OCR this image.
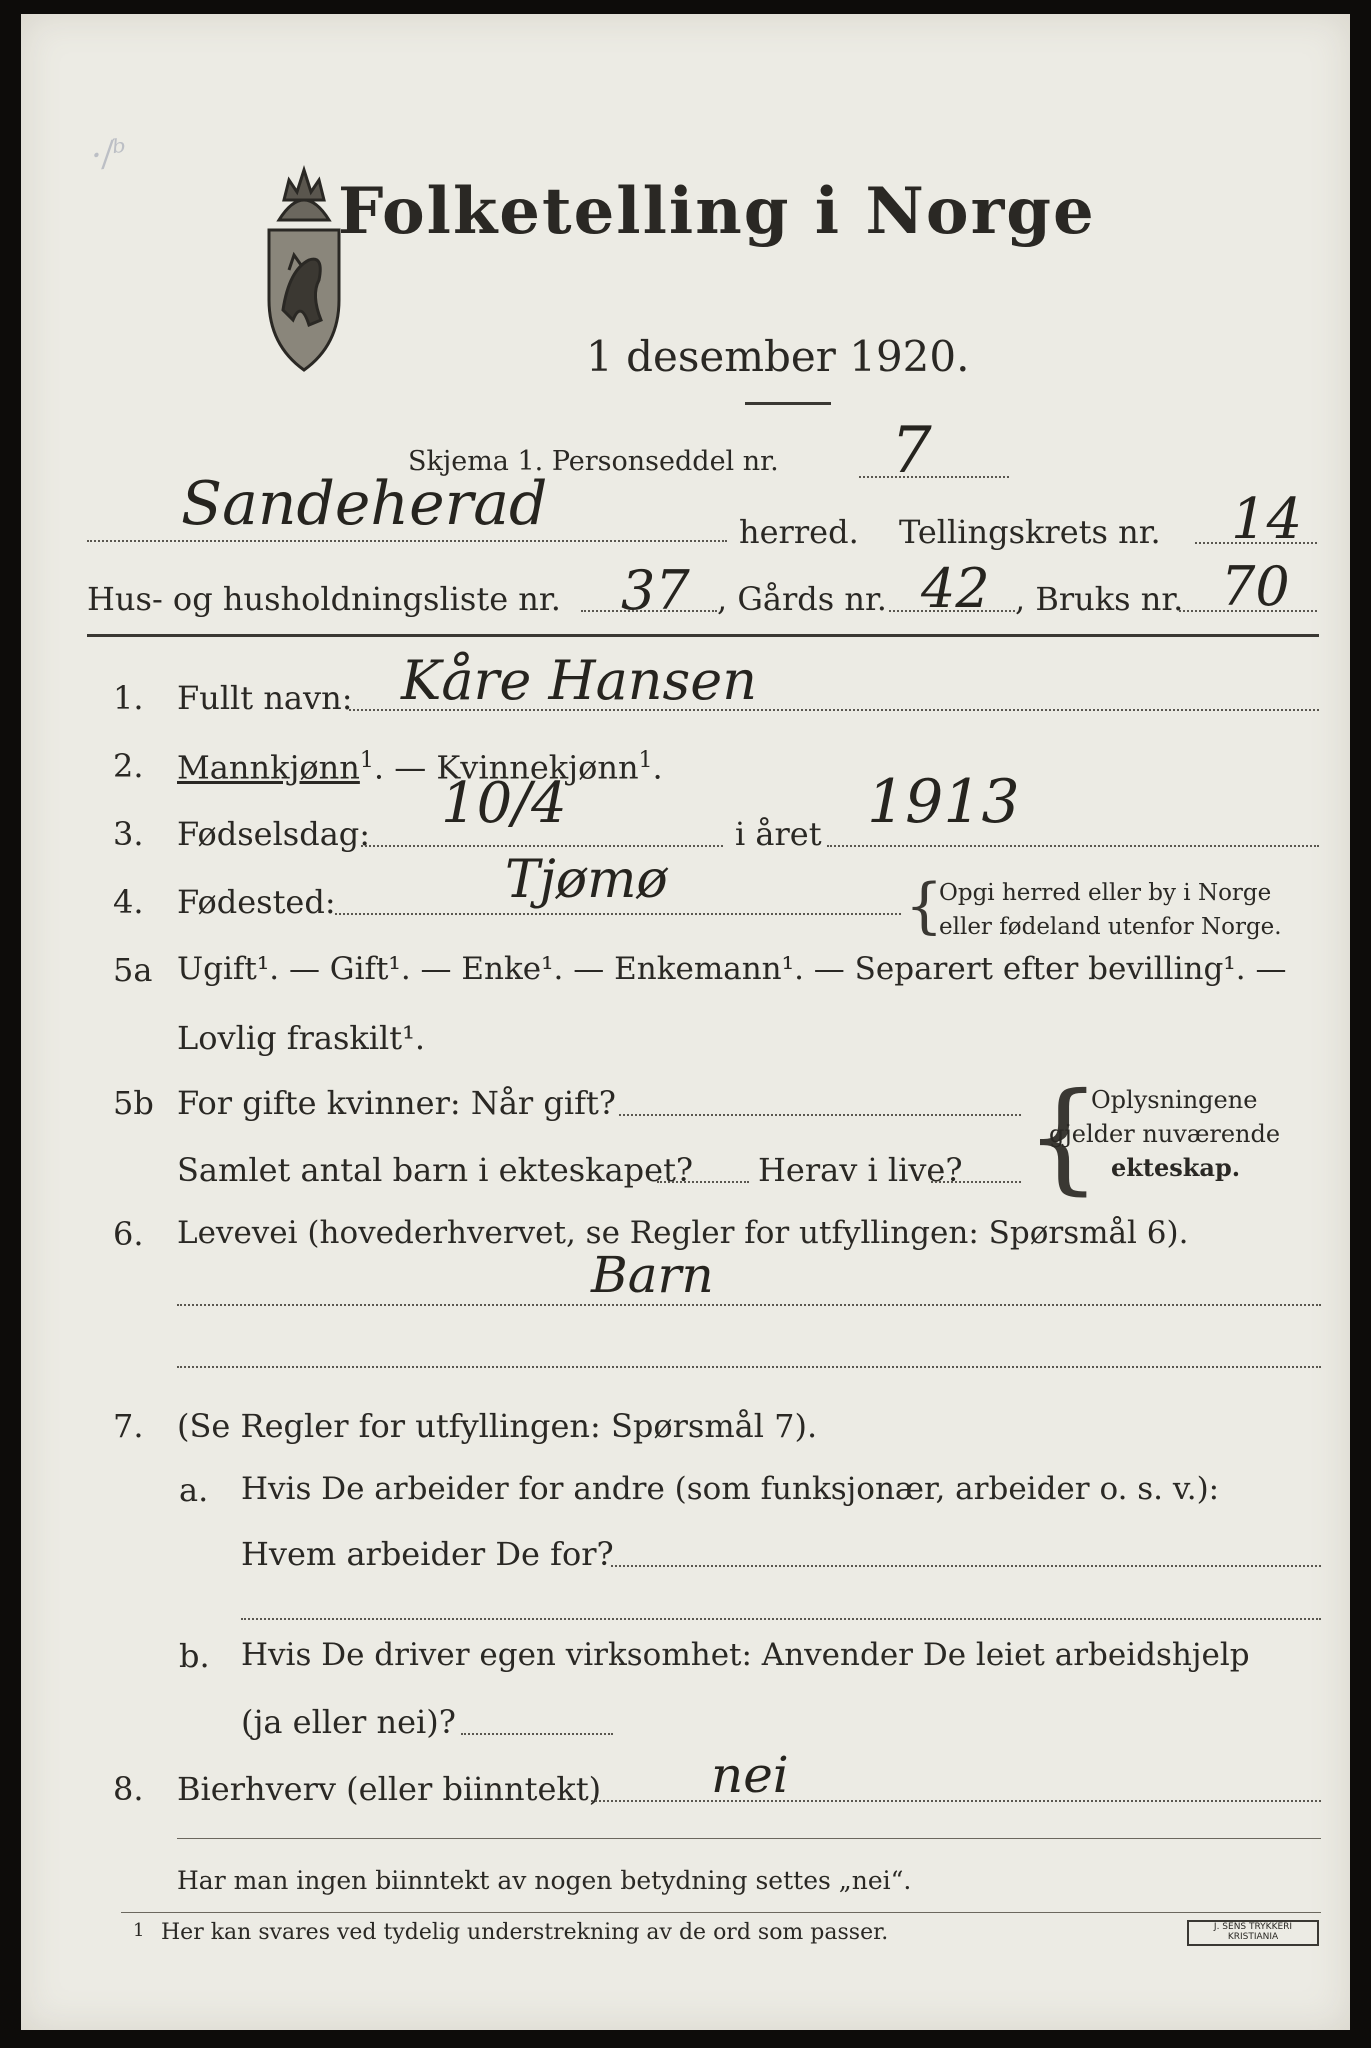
Folketelling i Norge
1 desember 1920.
·/ᵇ
Skjema 1. Personseddel nr. 7
Sandeherad	herred. Tellingskrets nr. 14
Hus- og husholdningsliste nr. 37 , Gårds nr. 42 , Bruks nr. 70
1. Fullt navn: Kåre Hansen
2. Mannkjønn$^1$. — Kvinnekjønn$^1$.
3. Fødselsdag: 10/4	i året 1913
4. Fødested:	Tjømø	{
Opgi herred eller by i Norge
eller fødeland utenfor Norge.
5a Ugift¹. — Gift¹. — Enke¹. — Enkemann¹. — Separert efter bevilling¹. —
Lovlig fraskilt¹.
5b For gifte kvinner: Når gift?
Samlet antal barn i ekteskapet? Herav i live? {
Oplysningene
gjelder nuværende
ekteskap.
6. Levevei (hovederhvervet, se Regler for utfyllingen: Spørsmål 6).
Barn
7. (Se Regler for utfyllingen: Spørsmål 7).
a. Hvis De arbeider for andre (som funksjonær, arbeider o. s. v.):
Hvem arbeider De for?
b. Hvis De driver egen virksomhet: Anvender De leiet arbeidshjelp
(ja eller nei)?
8. Bierhverv (eller biinntekt) nei
Har man ingen biinntekt av nogen betydning settes „nei“.
1 Her kan svares ved tydelig understrekning av de ord som passer.	J. SENS TRYKKERI KRISTIANIA
